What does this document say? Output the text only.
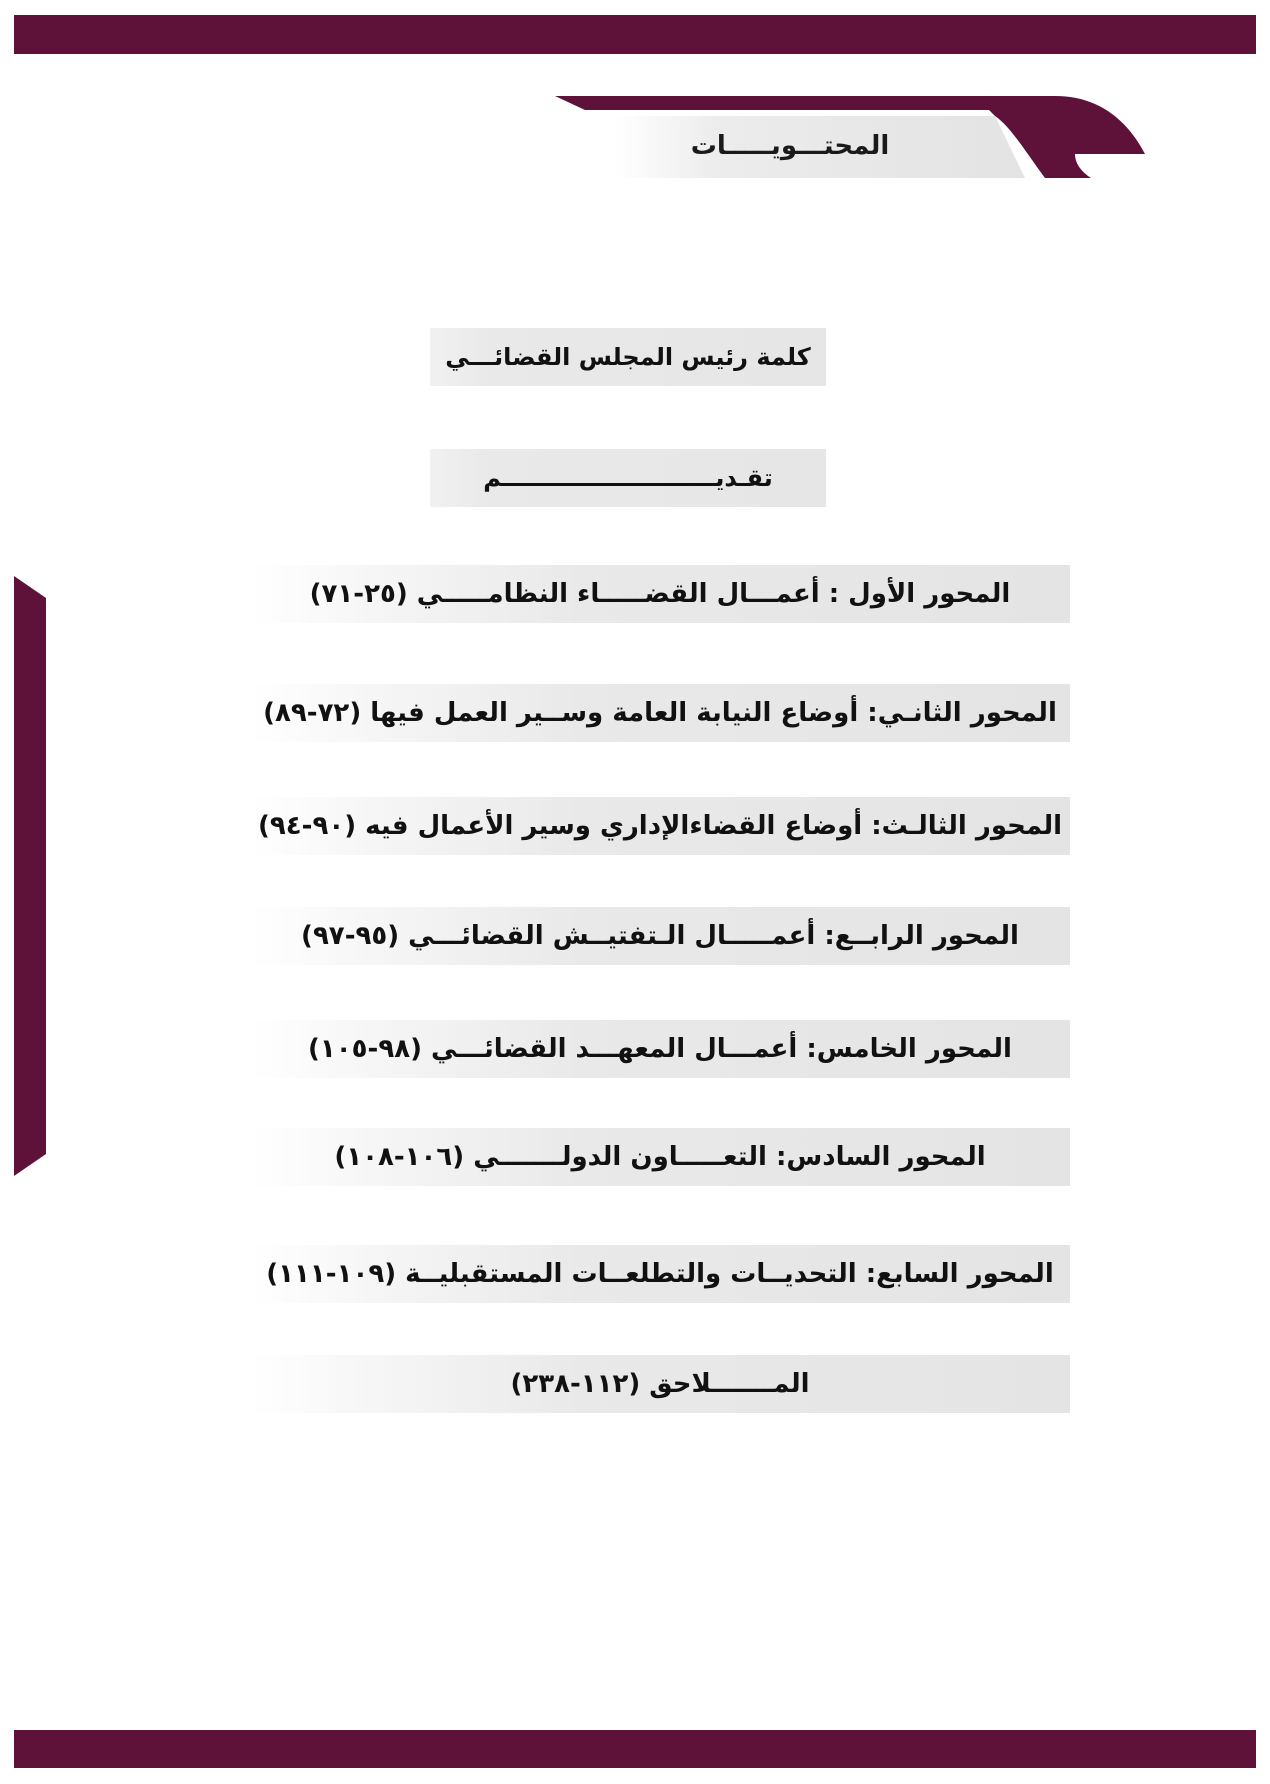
المحتـــويـــــات
كلمة رئيس المجلس القضائـــي
تقـديــــــــــــــــــــــــــم
المحور الأول : أعمـــال القضـــــاء النظامـــــي (٢٥-٧١)
المحور الثانـي: أوضاع النيابة العامة وســير العمل فيها (٧٢-٨٩)
المحور الثالـث: أوضاع القضاءالإداري وسير الأعمال فيه (٩٠-٩٤)
المحور الرابــع: أعمـــــال الـتفتيــش القضائـــي (٩٥-٩٧)
المحور الخامس: أعمـــال المعهـــد القضائـــي (٩٨-١٠٥)
المحور السادس: التعـــــاون الدولـــــــي (١٠٦-١٠٨)
المحور السابع: التحديــات والتطلعــات المستقبليــة (١٠٩-١١١)
المـــــــلاحق (١١٢-٢٣٨)
